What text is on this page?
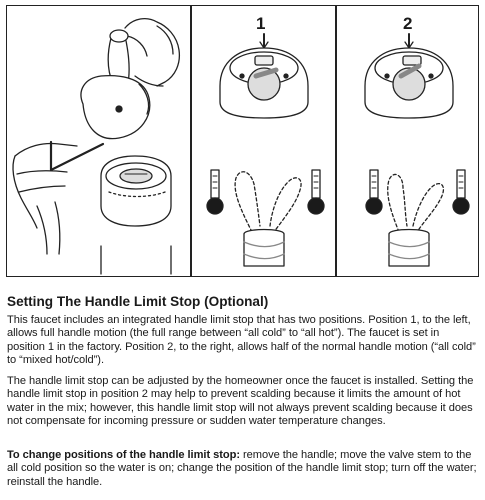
1	2
Setting The Handle Limit Stop (Optional)

This faucet includes an integrated handle limit stop that has two positions. Position 1, to the left, allows full handle motion (the full range between “all cold” to “all hot”). The faucet is set in position 1 in the factory. Position 2, to the right, allows half of the normal handle motion (“all cold” to “mixed hot/cold”).

The handle limit stop can be adjusted by the homeowner once the faucet is installed. Setting the handle limit stop in position 2 may help to prevent scalding because it limits the amount of hot water in the mix; however, this handle limit stop will not always prevent scalding because it does not compensate for incoming pressure or sudden water temperature changes.

To change positions of the handle limit stop: remove the handle; move the valve stem to the all cold position so the water is on; change the position of the handle limit stop; turn off the water; reinstall the handle.
